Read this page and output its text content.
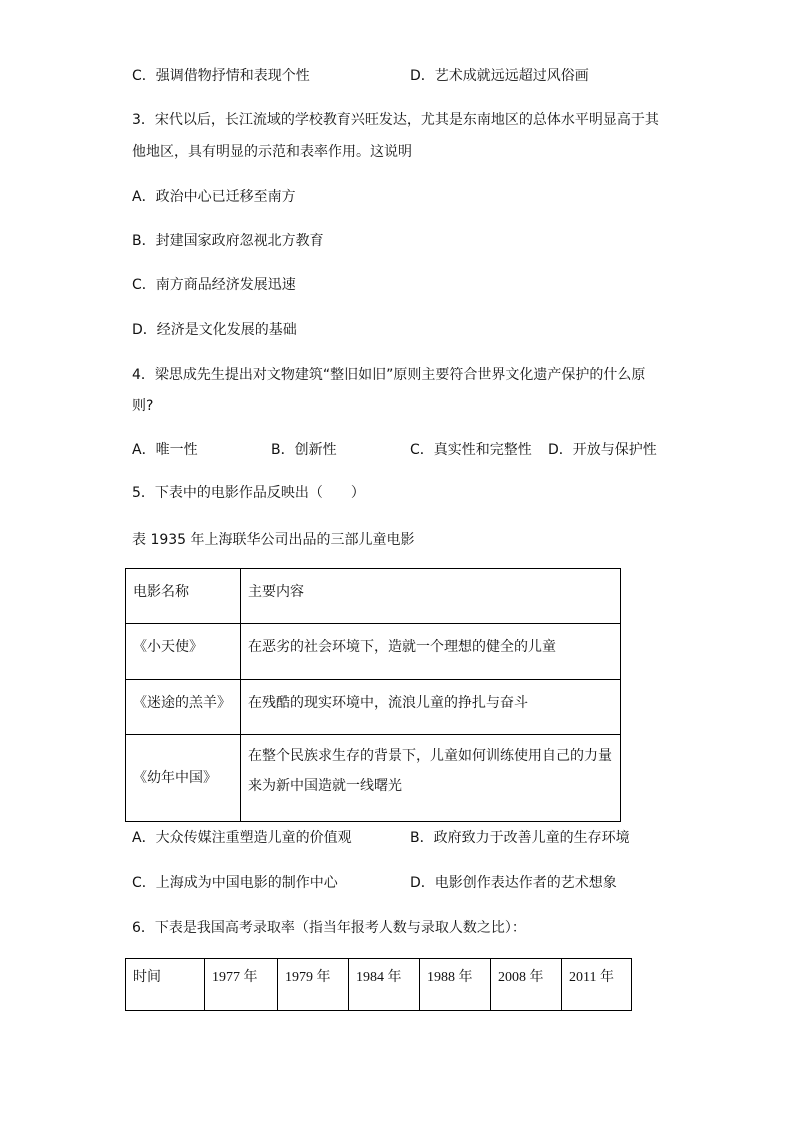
C．强调借物抒情和表现个性	D．艺术成就远远超过风俗画
3．宋代以后，长江流域的学校教育兴旺发达，尤其是东南地区的总体水平明显高于其
他地区，具有明显的示范和表率作用。这说明
A．政治中心已迁移至南方
B．封建国家政府忽视北方教育
C．南方商品经济发展迅速
D．经济是文化发展的基础
4．梁思成先生提出对文物建筑“整旧如旧”原则主要符合世界文化遗产保护的什么原
则?
A．唯一性	B．创新性	C．真实性和完整性 D．开放与保护性
5．下表中的电影作品反映出（　　）
表 1935 年上海联华公司出品的三部儿童电影
电影名称	主要内容

《小天使》	在恶劣的社会环境下，造就一个理想的健全的儿童

《迷途的羔羊》	在残酷的现实环境中，流浪儿童的挣扎与奋斗

《幼年中国》	在整个民族求生存的背景下，儿童如何训练使用自己的力量
来为新中国造就一线曙光
A．大众传媒注重塑造儿童的价值观	B．政府致力于改善儿童的生存环境
C．上海成为中国电影的制作中心	D．电影创作表达作者的艺术想象
6．下表是我国高考录取率（指当年报考人数与录取人数之比）：
时间	1977 年	1979 年	1984 年	1988 年	2008 年	2011 年
